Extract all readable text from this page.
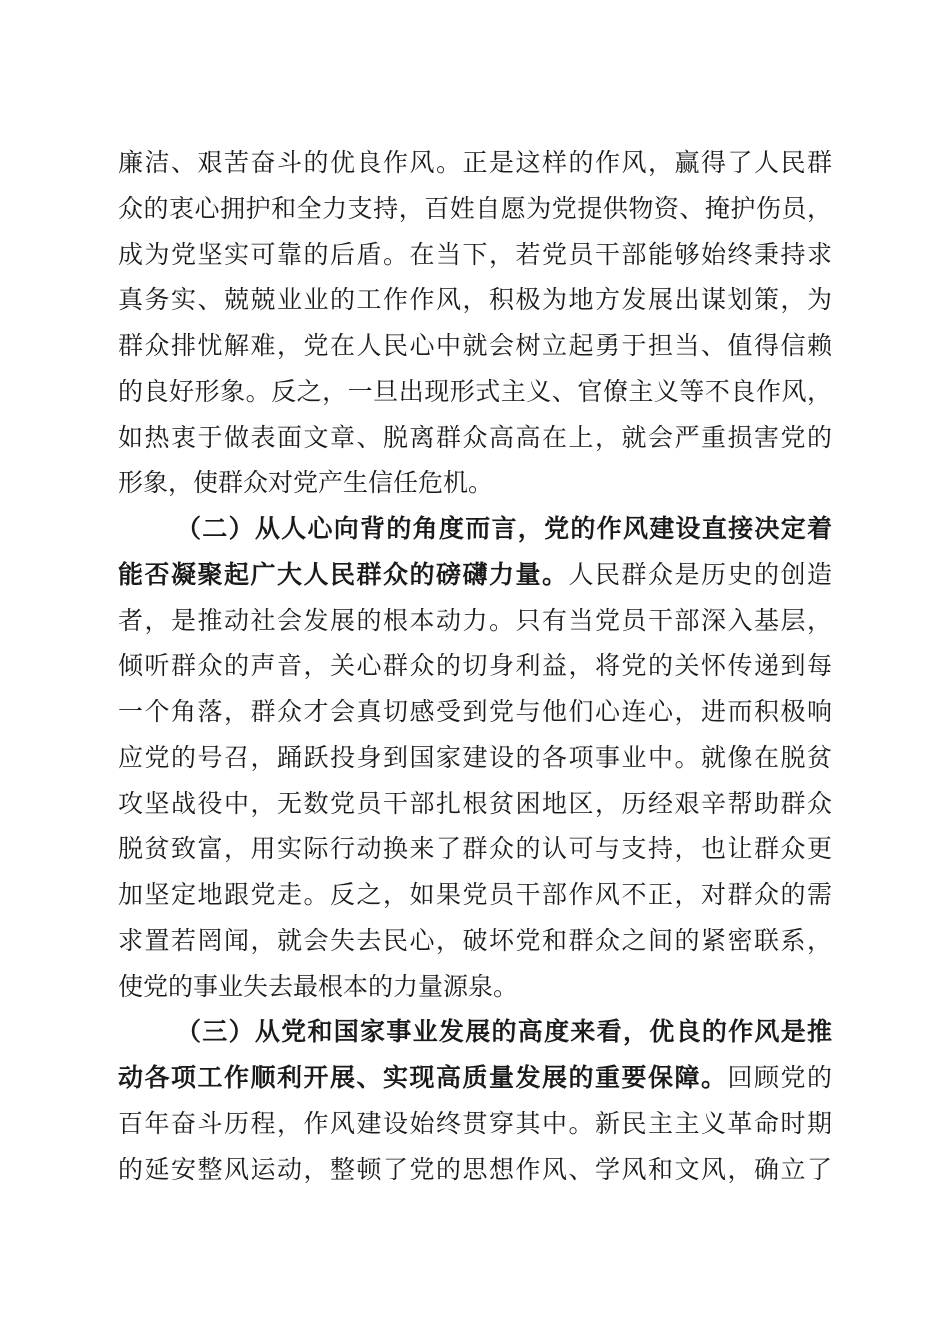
廉洁、艰苦奋斗的优良作风。正是这样的作风，赢得了人民群
众的衷心拥护和全力支持，百姓自愿为党提供物资、掩护伤员，
成为党坚实可靠的后盾。在当下，若党员干部能够始终秉持求
真务实、兢兢业业的工作作风，积极为地方发展出谋划策，为
群众排忧解难，党在人民心中就会树立起勇于担当、值得信赖
的良好形象。反之，一旦出现形式主义、官僚主义等不良作风，
如热衷于做表面文章、脱离群众高高在上，就会严重损害党的
形象，使群众对党产生信任危机。
（二）从人心向背的角度而言，党的作风建设直接决定着
能否凝聚起广大人民群众的磅礴力量。人民群众是历史的创造
者，是推动社会发展的根本动力。只有当党员干部深入基层，
倾听群众的声音，关心群众的切身利益，将党的关怀传递到每
一个角落，群众才会真切感受到党与他们心连心，进而积极响
应党的号召，踊跃投身到国家建设的各项事业中。就像在脱贫
攻坚战役中，无数党员干部扎根贫困地区，历经艰辛帮助群众
脱贫致富，用实际行动换来了群众的认可与支持，也让群众更
加坚定地跟党走。反之，如果党员干部作风不正，对群众的需
求置若罔闻，就会失去民心，破坏党和群众之间的紧密联系，
使党的事业失去最根本的力量源泉。
（三）从党和国家事业发展的高度来看，优良的作风是推
动各项工作顺利开展、实现高质量发展的重要保障。回顾党的
百年奋斗历程，作风建设始终贯穿其中。新民主主义革命时期
的延安整风运动，整顿了党的思想作风、学风和文风，确立了
